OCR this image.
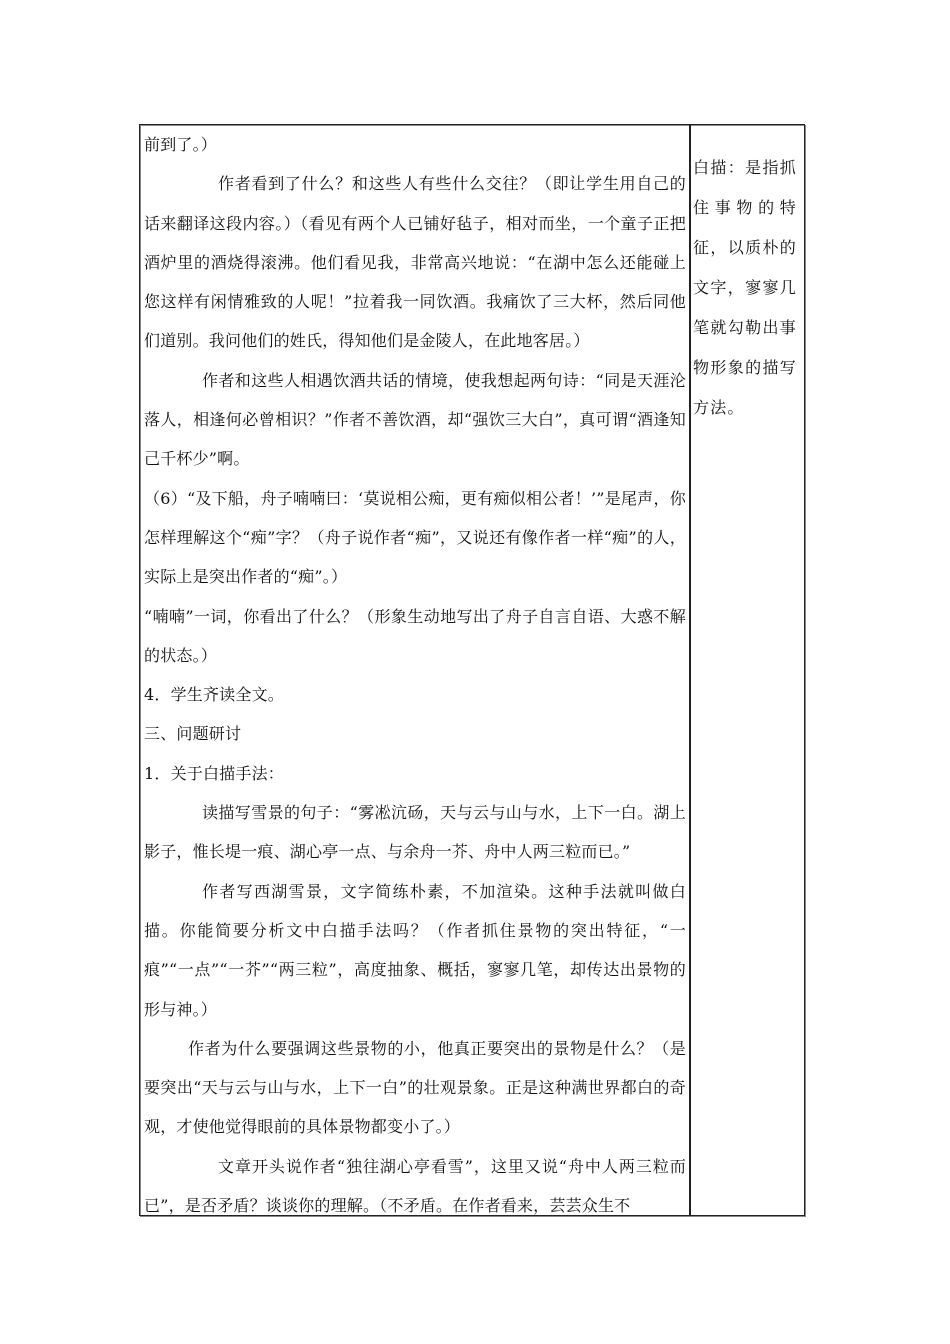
前到了。）

作者看到了什么？和这些人有些什么交往？（即让学生用自己的话来翻译这段内容。）（看见有两个人已铺好毡子，相对而坐，一个童子正把酒炉里的酒烧得滚沸。他们看见我，非常高兴地说：“在湖中怎么还能碰上您这样有闲情雅致的人呢！”拉着我一同饮酒。我痛饮了三大杯，然后同他们道别。我问他们的姓氏，得知他们是金陵人，在此地客居。）

作者和这些人相遇饮酒共话的情境，使我想起两句诗：“同是天涯沦落人，相逢何必曾相识？”作者不善饮酒，却“强饮三大白”，真可谓“酒逢知己千杯少”啊。

（6）“及下船，舟子喃喃曰：‘莫说相公痴，更有痴似相公者！’”是尾声，你怎样理解这个“痴”字？（舟子说作者“痴”，又说还有像作者一样“痴”的人，实际上是突出作者的“痴”。）

“喃喃”一词，你看出了什么？（形象生动地写出了舟子自言自语、大惑不解的状态。）

4．学生齐读全文。

三、问题研讨

1．关于白描手法：

读描写雪景的句子：“雾凇沆砀，天与云与山与水，上下一白。湖上影子，惟长堤一痕、湖心亭一点、与余舟一芥、舟中人两三粒而已。”

作者写西湖雪景，文字简练朴素，不加渲染。这种手法就叫做白描。你能简要分析文中白描手法吗？（作者抓住景物的突出特征，“一痕”“一点”“一芥”“两三粒”，高度抽象、概括，寥寥几笔，却传达出景物的形与神。）

作者为什么要强调这些景物的小，他真正要突出的景物是什么？（是要突出“天与云与山与水，上下一白”的壮观景象。正是这种满世界都白的奇观，才使他觉得眼前的具体景物都变小了。）

文章开头说作者“独往湖心亭看雪”，这里又说“舟中人两三粒而已”，是否矛盾？谈谈你的理解。（不矛盾。在作者看来，芸芸众生不

白描：是指抓住事物的特征，以质朴的文字，寥寥几笔就勾勒出事物形象的描写方法。
